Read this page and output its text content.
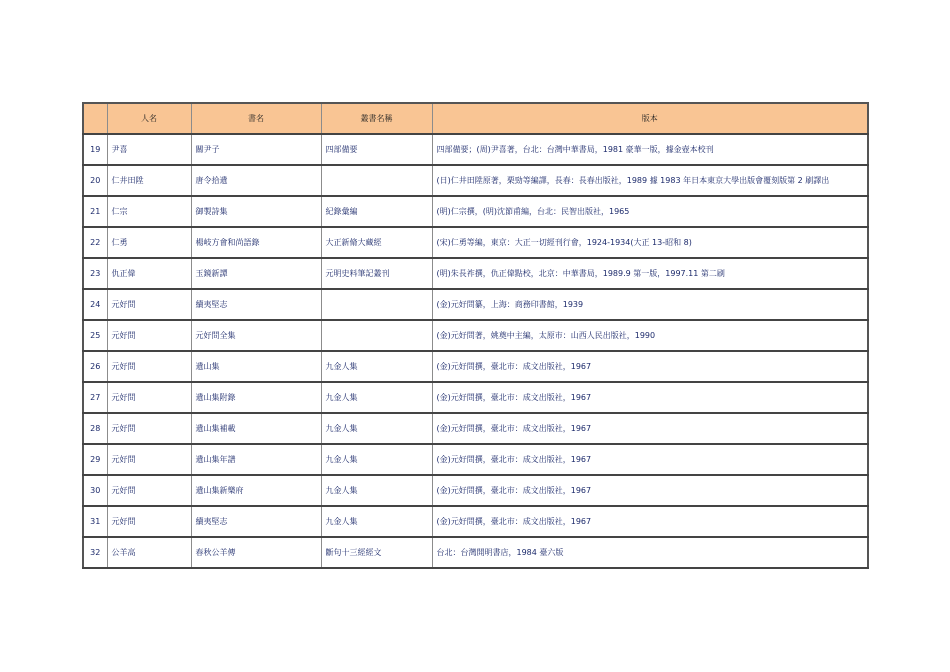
	人名	書名	叢書名稱	版本
19	尹喜	關尹子	四部備要	四部備要；(周)尹喜著，台北：台灣中華書局，1981 豪華一版，據金壺本校刊
20	仁井田陞	唐令拾遺		(日)仁井田陞原著，栗勁等編譯，長春：長春出版社，1989 據 1983 年日本東京大學出版會覆刻版第 2 刷譯出
21	仁宗	御製詩集	紀錄彙編	(明)仁宗撰，(明)沈節甫編，台北：民智出版社，1965
22	仁勇	楊岐方會和尚語錄	大正新脩大藏經	(宋)仁勇等編，東京：大正一切經刊行會，1924-1934(大正 13-昭和 8)
23	仇正偉	玉鏡新譚	元明史料筆記叢刊	(明)朱長祚撰，仇正偉點校，北京：中華書局，1989.9 第一版，1997.11 第二刷
24	元好問	續夷堅志		(金)元好問纂，上海：商務印書館，1939
25	元好問	元好問全集		(金)元好問著，姚奠中主編，太原市：山西人民出版社，1990
26	元好問	遺山集	九金人集	(金)元好問撰，臺北市：成文出版社，1967
27	元好問	遺山集附錄	九金人集	(金)元好問撰，臺北市：成文出版社，1967
28	元好問	遺山集補載	九金人集	(金)元好問撰，臺北市：成文出版社，1967
29	元好問	遺山集年譜	九金人集	(金)元好問撰，臺北市：成文出版社，1967
30	元好問	遺山集新樂府	九金人集	(金)元好問撰，臺北市：成文出版社，1967
31	元好問	續夷堅志	九金人集	(金)元好問撰，臺北市：成文出版社，1967
32	公羊高	春秋公羊傳	斷句十三經經文	台北：台灣開明書店，1984 臺六版
